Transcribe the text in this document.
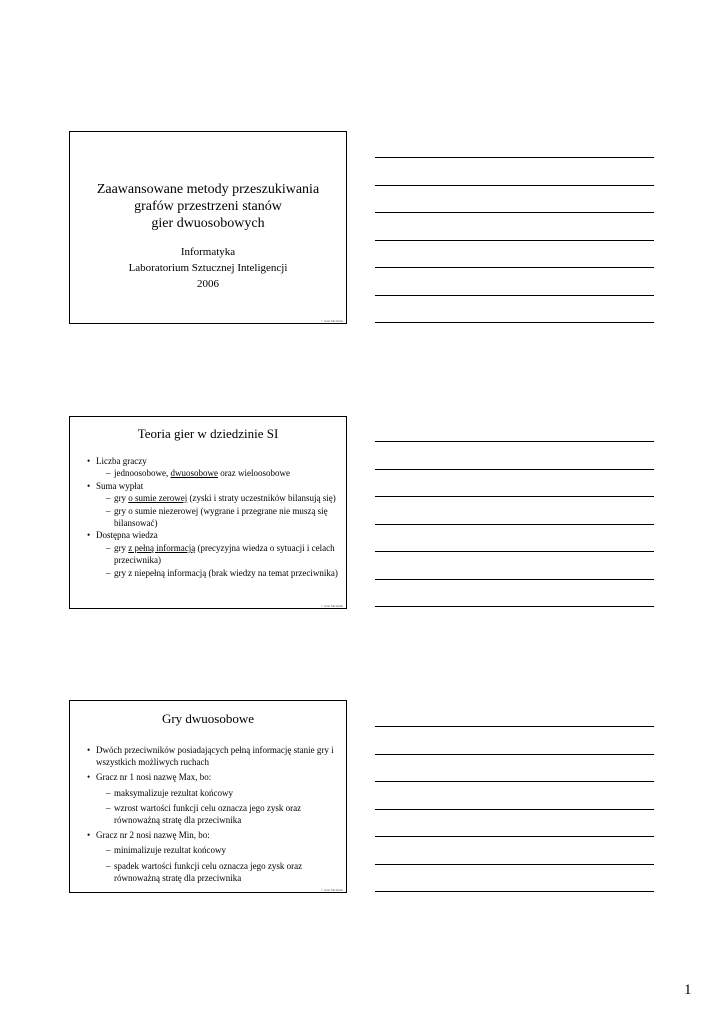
Zaawansowane metody przeszukiwania
grafów przestrzeni stanów
gier dwuosobowych
Informatyka
Laboratorium Sztucznej Inteligencji
2006
© Artur Michalski
Teoria gier w dziedzinie SI
• Liczba graczy
– jednoosobowe, dwuosobowe oraz wieloosobowe
• Suma wypłat
– gry o sumie zerowej (zyski i straty uczestników bilansują się)
– gry o sumie niezerowej (wygrane i przegrane nie muszą się bilansować)
• Dostępna wiedza
– gry z pełną informacją (precyzyjna wiedza o sytuacji i celach przeciwnika)
– gry z niepełną informacją (brak wiedzy na temat przeciwnika)
© Artur Michalski
Gry dwuosobowe
• Dwóch przeciwników posiadających pełną informację stanie gry i wszystkich możliwych ruchach
• Gracz nr 1 nosi nazwę Max, bo:
– maksymalizuje rezultat końcowy
– wzrost wartości funkcji celu oznacza jego zysk oraz równoważną stratę dla przeciwnika
• Gracz nr 2 nosi nazwę Min, bo:
– minimalizuje rezultat końcowy
– spadek wartości funkcji celu oznacza jego zysk oraz równoważną stratę dla przeciwnika
© Artur Michalski
1
